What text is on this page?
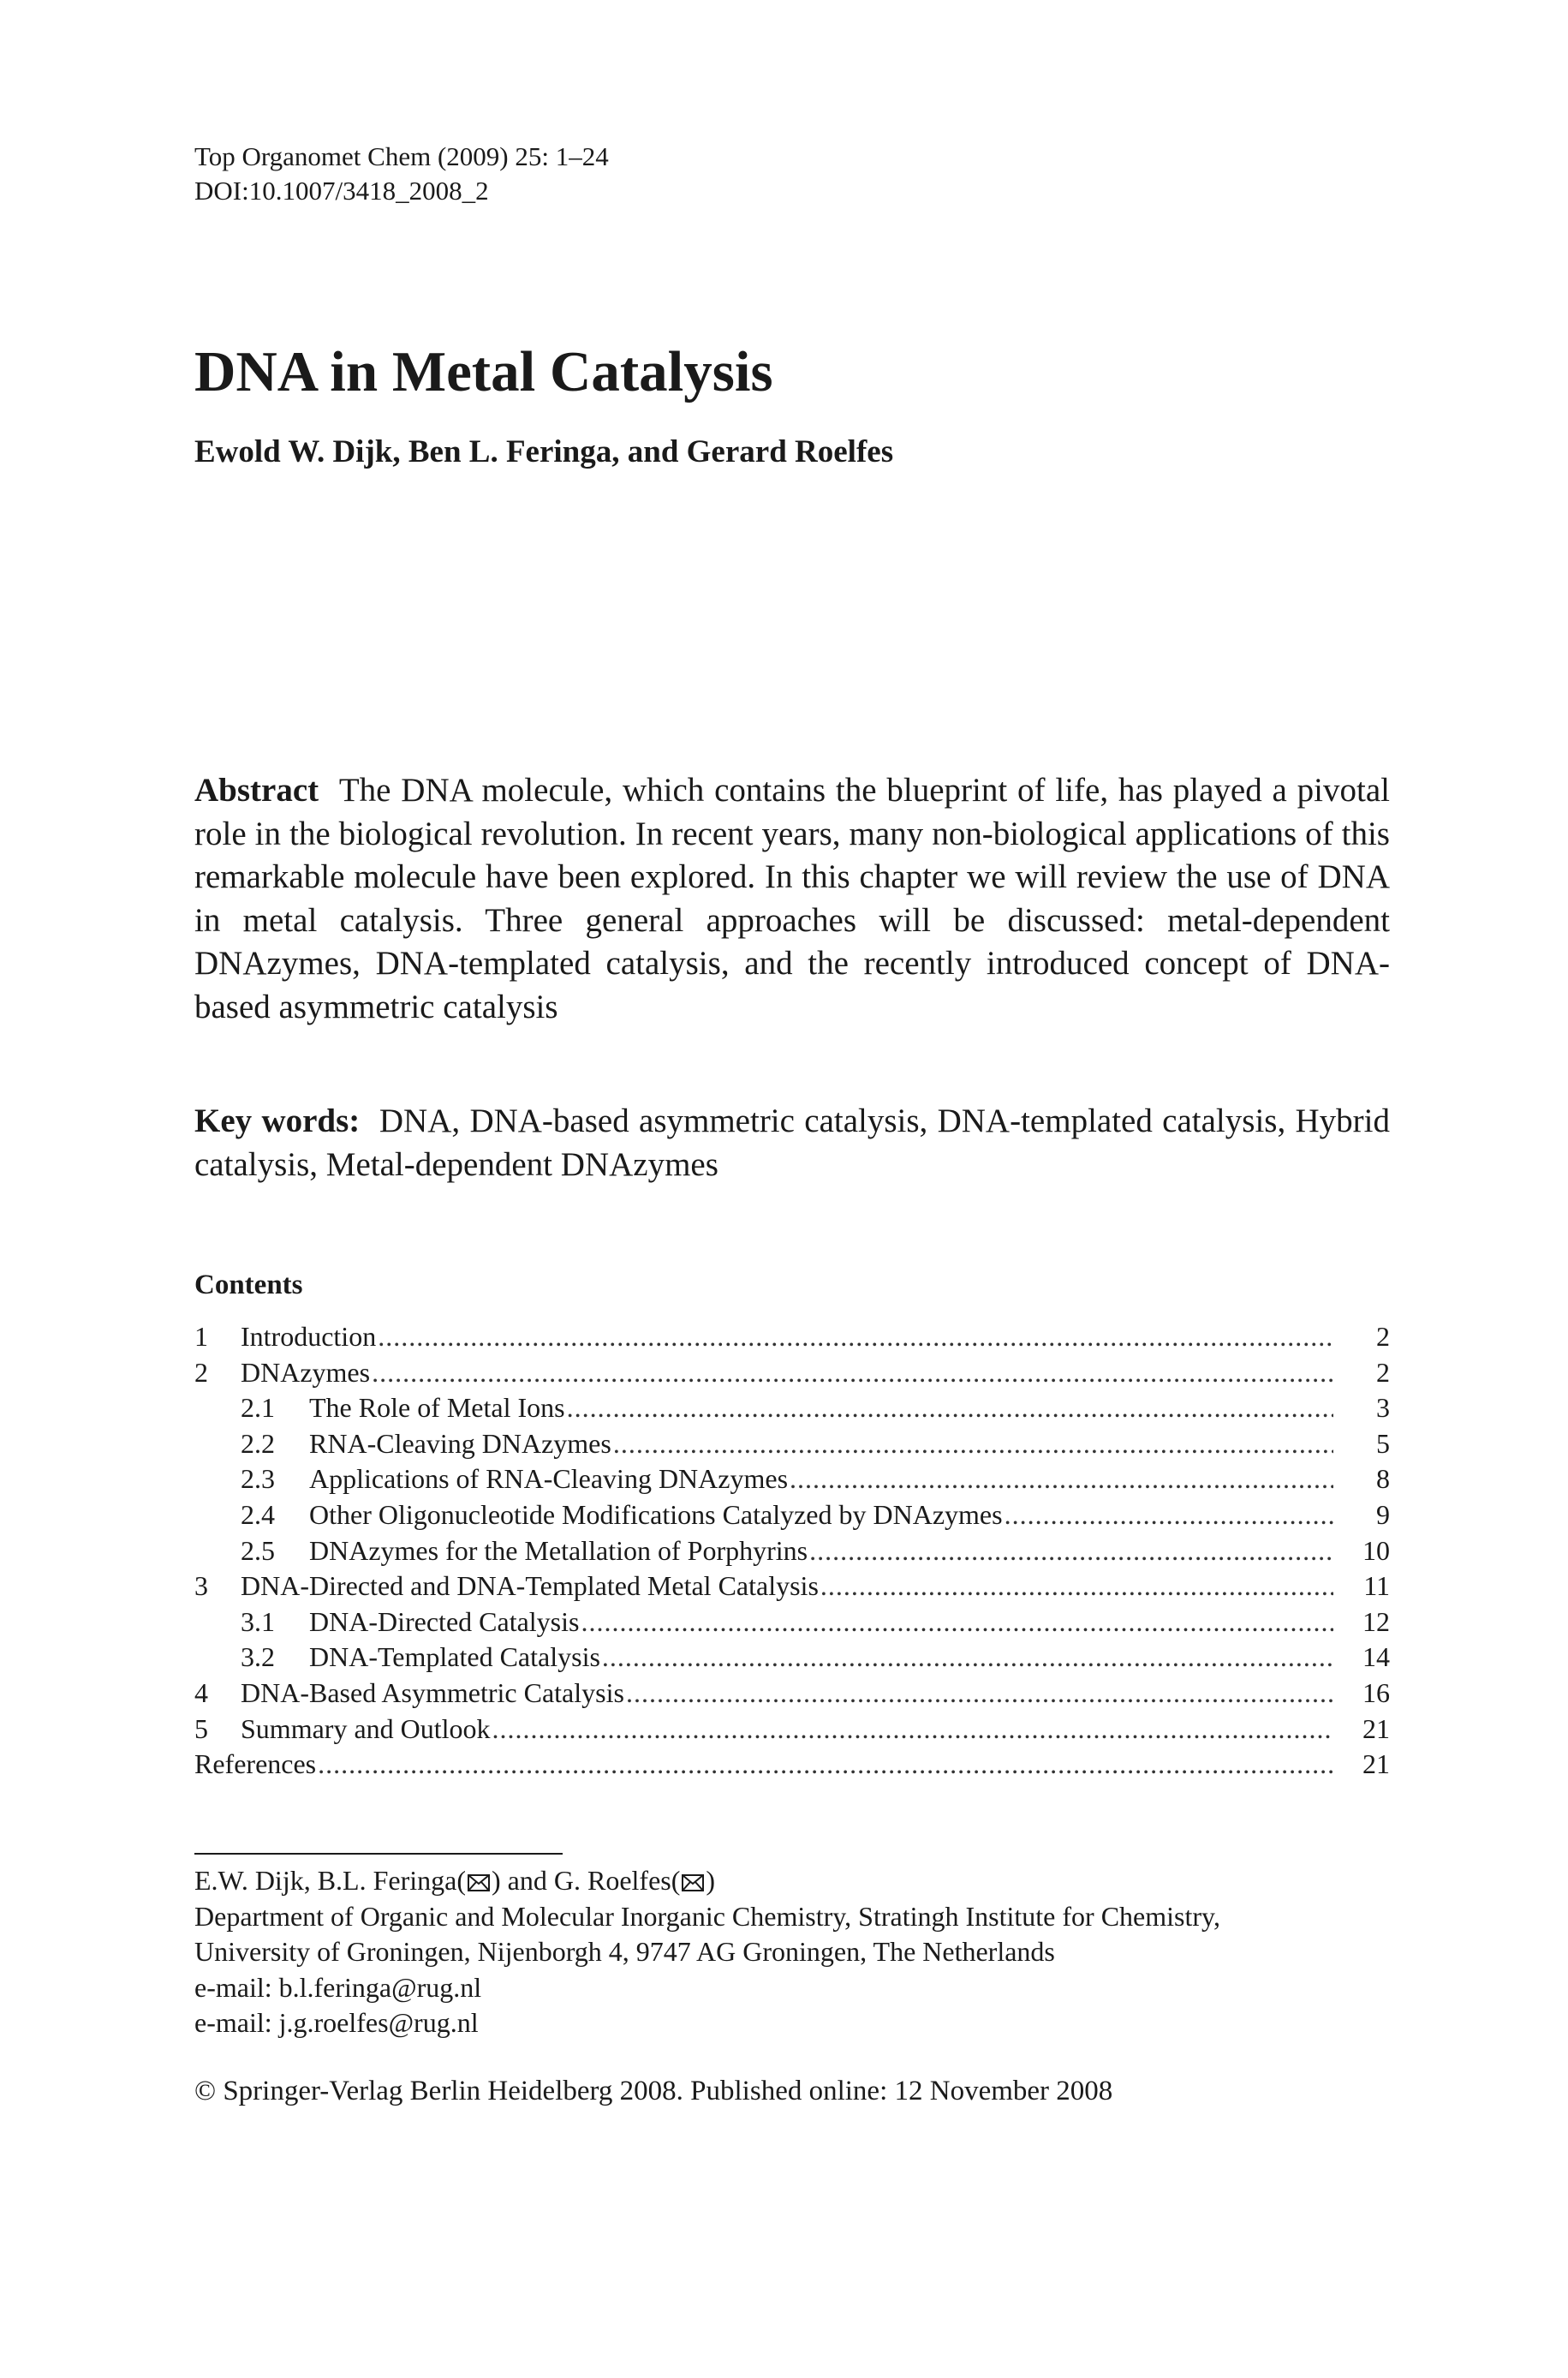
Top Organomet Chem (2009) 25: 1–24
DOI:10.1007/3418_2008_2
DNA in Metal Catalysis
Ewold W. Dijk, Ben L. Feringa, and Gerard Roelfes
Abstract The DNA molecule, which contains the blueprint of life, has played a pivotal role in the biological revolution. In recent years, many non-biological applications of this remarkable molecule have been explored. In this chapter we will review the use of DNA in metal catalysis. Three general approaches will be discussed: metal-dependent DNAzymes, DNA-templated catalysis, and the recently introduced concept of DNA-based asymmetric catalysis
Key words: DNA, DNA-based asymmetric catalysis, DNA-templated catalysis, Hybrid catalysis, Metal-dependent DNAzymes
Contents
1	Introduction .....	2
2	DNAzymes .....	2
2.1	The Role of Metal Ions .....	3
2.2	RNA-Cleaving DNAzymes .....	5
2.3	Applications of RNA-Cleaving DNAzymes .....	8
2.4	Other Oligonucleotide Modifications Catalyzed by DNAzymes .....	9
2.5	DNAzymes for the Metallation of Porphyrins .....	10
3	DNA-Directed and DNA-Templated Metal Catalysis .....	11
3.1	DNA-Directed Catalysis .....	12
3.2	DNA-Templated Catalysis .....	14
4	DNA-Based Asymmetric Catalysis .....	16
5	Summary and Outlook .....	21
References .....	21
E.W. Dijk, B.L. Feringa( ) and G. Roelfes( )
Department of Organic and Molecular Inorganic Chemistry, Stratingh Institute for Chemistry,
University of Groningen, Nijenborgh 4, 9747 AG Groningen, The Netherlands
e-mail: b.l.feringa@rug.nl
e-mail: j.g.roelfes@rug.nl
© Springer-Verlag Berlin Heidelberg 2008. Published online: 12 November 2008
